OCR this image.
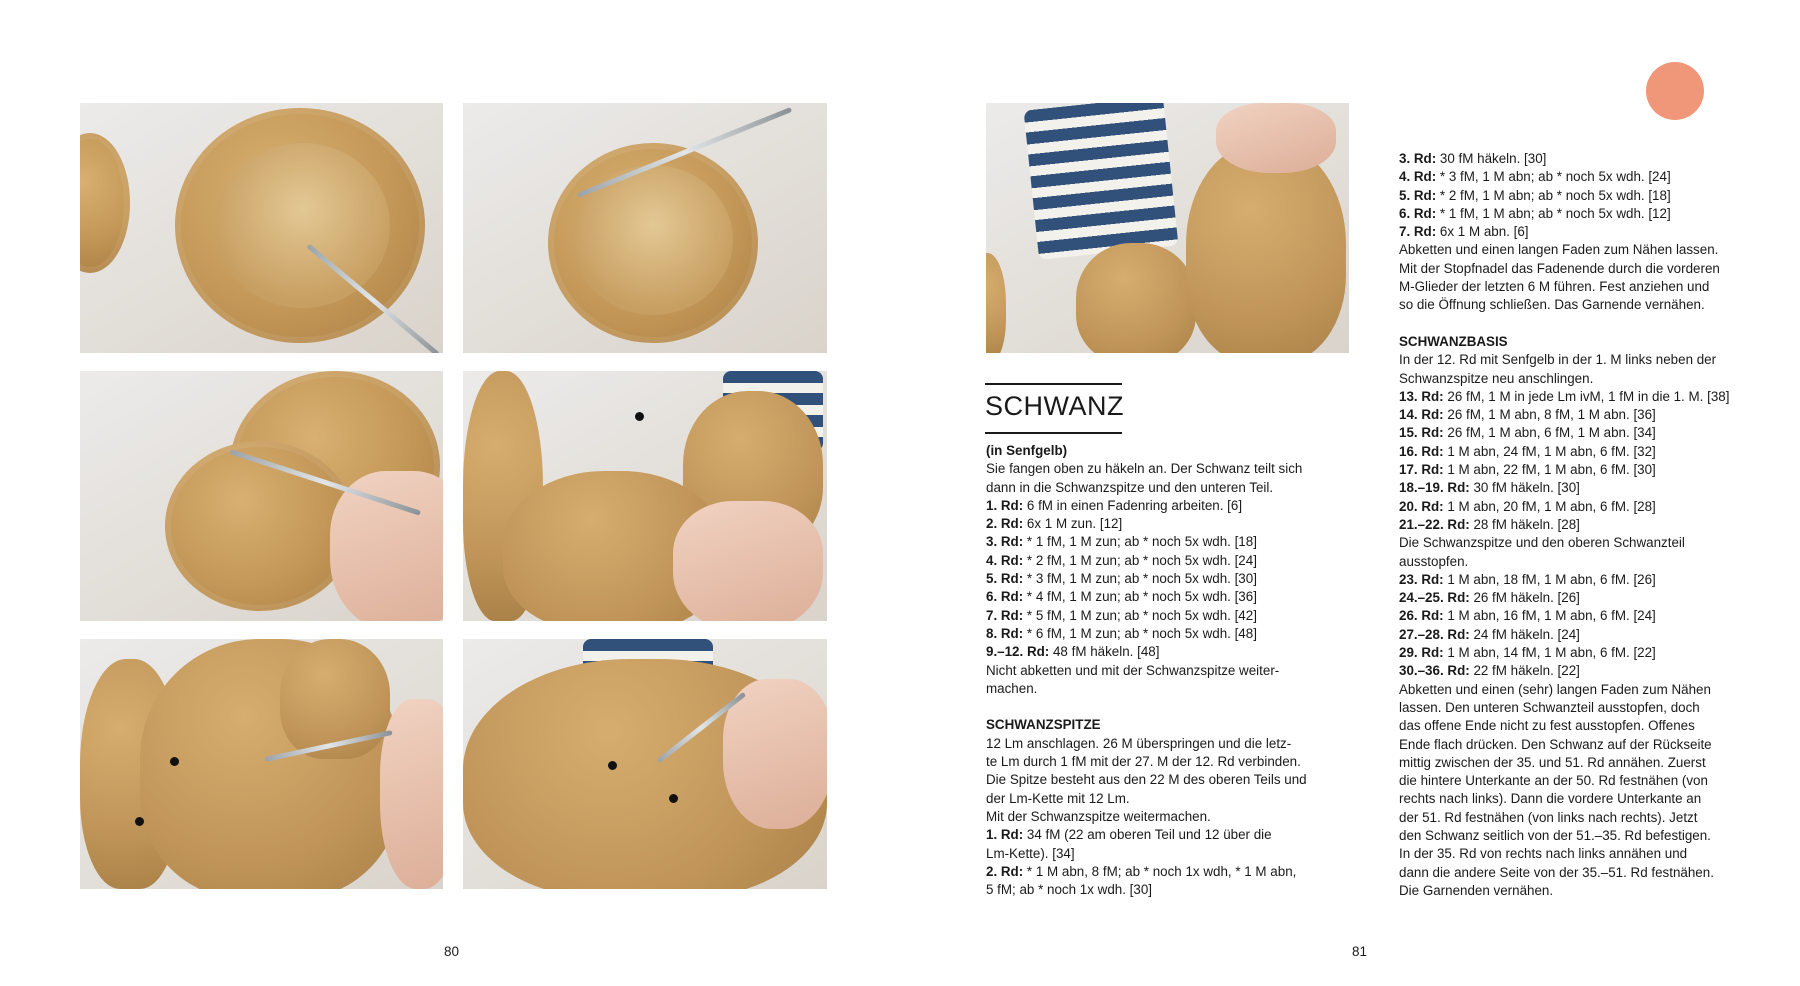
80
SCHWANZ

(in Senfgelb)

Sie fangen oben zu häkeln an. Der Schwanz teilt sich

dann in die Schwanzspitze und den unteren Teil.

1. Rd: 6 fM in einen Fadenring arbeiten. [6]

2. Rd: 6x 1 M zun. [12]

3. Rd: * 1 fM, 1 M zun; ab * noch 5x wdh. [18]

4. Rd: * 2 fM, 1 M zun; ab * noch 5x wdh. [24]

5. Rd: * 3 fM, 1 M zun; ab * noch 5x wdh. [30]

6. Rd: * 4 fM, 1 M zun; ab * noch 5x wdh. [36]

7. Rd: * 5 fM, 1 M zun; ab * noch 5x wdh. [42]

8. Rd: * 6 fM, 1 M zun; ab * noch 5x wdh. [48]

9.–12. Rd: 48 fM häkeln. [48]

Nicht abketten und mit der Schwanzspitze weiter-

machen.

SCHWANZSPITZE

12 Lm anschlagen. 26 M überspringen und die letz-

te Lm durch 1 fM mit der 27. M der 12. Rd verbinden.

Die Spitze besteht aus den 22 M des oberen Teils und

der Lm-Kette mit 12 Lm.

Mit der Schwanzspitze weitermachen.

1. Rd: 34 fM (22 am oberen Teil und 12 über die

Lm-Kette). [34]

2. Rd: * 1 M abn, 8 fM; ab * noch 1x wdh, * 1 M abn,

5 fM; ab * noch 1x wdh. [30]

3. Rd: 30 fM häkeln. [30]

4. Rd: * 3 fM, 1 M abn; ab * noch 5x wdh. [24]

5. Rd: * 2 fM, 1 M abn; ab * noch 5x wdh. [18]

6. Rd: * 1 fM, 1 M abn; ab * noch 5x wdh. [12]

7. Rd: 6x 1 M abn. [6]

Abketten und einen langen Faden zum Nähen lassen.

Mit der Stopfnadel das Fadenende durch die vorderen

M-Glieder der letzten 6 M führen. Fest anziehen und

so die Öffnung schließen. Das Garnende vernähen.

SCHWANZBASIS

In der 12. Rd mit Senfgelb in der 1. M links neben der

Schwanzspitze neu anschlingen.

13. Rd: 26 fM, 1 M in jede Lm ivM, 1 fM in die 1. M. [38]

14. Rd: 26 fM, 1 M abn, 8 fM, 1 M abn. [36]

15. Rd: 26 fM, 1 M abn, 6 fM, 1 M abn. [34]

16. Rd: 1 M abn, 24 fM, 1 M abn, 6 fM. [32]

17. Rd: 1 M abn, 22 fM, 1 M abn, 6 fM. [30]

18.–19. Rd: 30 fM häkeln. [30]

20. Rd: 1 M abn, 20 fM, 1 M abn, 6 fM. [28]

21.–22. Rd: 28 fM häkeln. [28]

Die Schwanzspitze und den oberen Schwanzteil

ausstopfen.

23. Rd: 1 M abn, 18 fM, 1 M abn, 6 fM. [26]

24.–25. Rd: 26 fM häkeln. [26]

26. Rd: 1 M abn, 16 fM, 1 M abn, 6 fM. [24]

27.–28. Rd: 24 fM häkeln. [24]

29. Rd: 1 M abn, 14 fM, 1 M abn, 6 fM. [22]

30.–36. Rd: 22 fM häkeln. [22]

Abketten und einen (sehr) langen Faden zum Nähen

lassen. Den unteren Schwanzteil ausstopfen, doch

das offene Ende nicht zu fest ausstopfen. Offenes

Ende flach drücken. Den Schwanz auf der Rückseite

mittig zwischen der 35. und 51. Rd annähen. Zuerst

die hintere Unterkante an der 50. Rd festnähen (von

rechts nach links). Dann die vordere Unterkante an

der 51. Rd festnähen (von links nach rechts). Jetzt

den Schwanz seitlich von der 51.–35. Rd befestigen.

In der 35. Rd von rechts nach links annähen und

dann die andere Seite von der 35.–51. Rd festnähen.

Die Garnenden vernähen.

81
